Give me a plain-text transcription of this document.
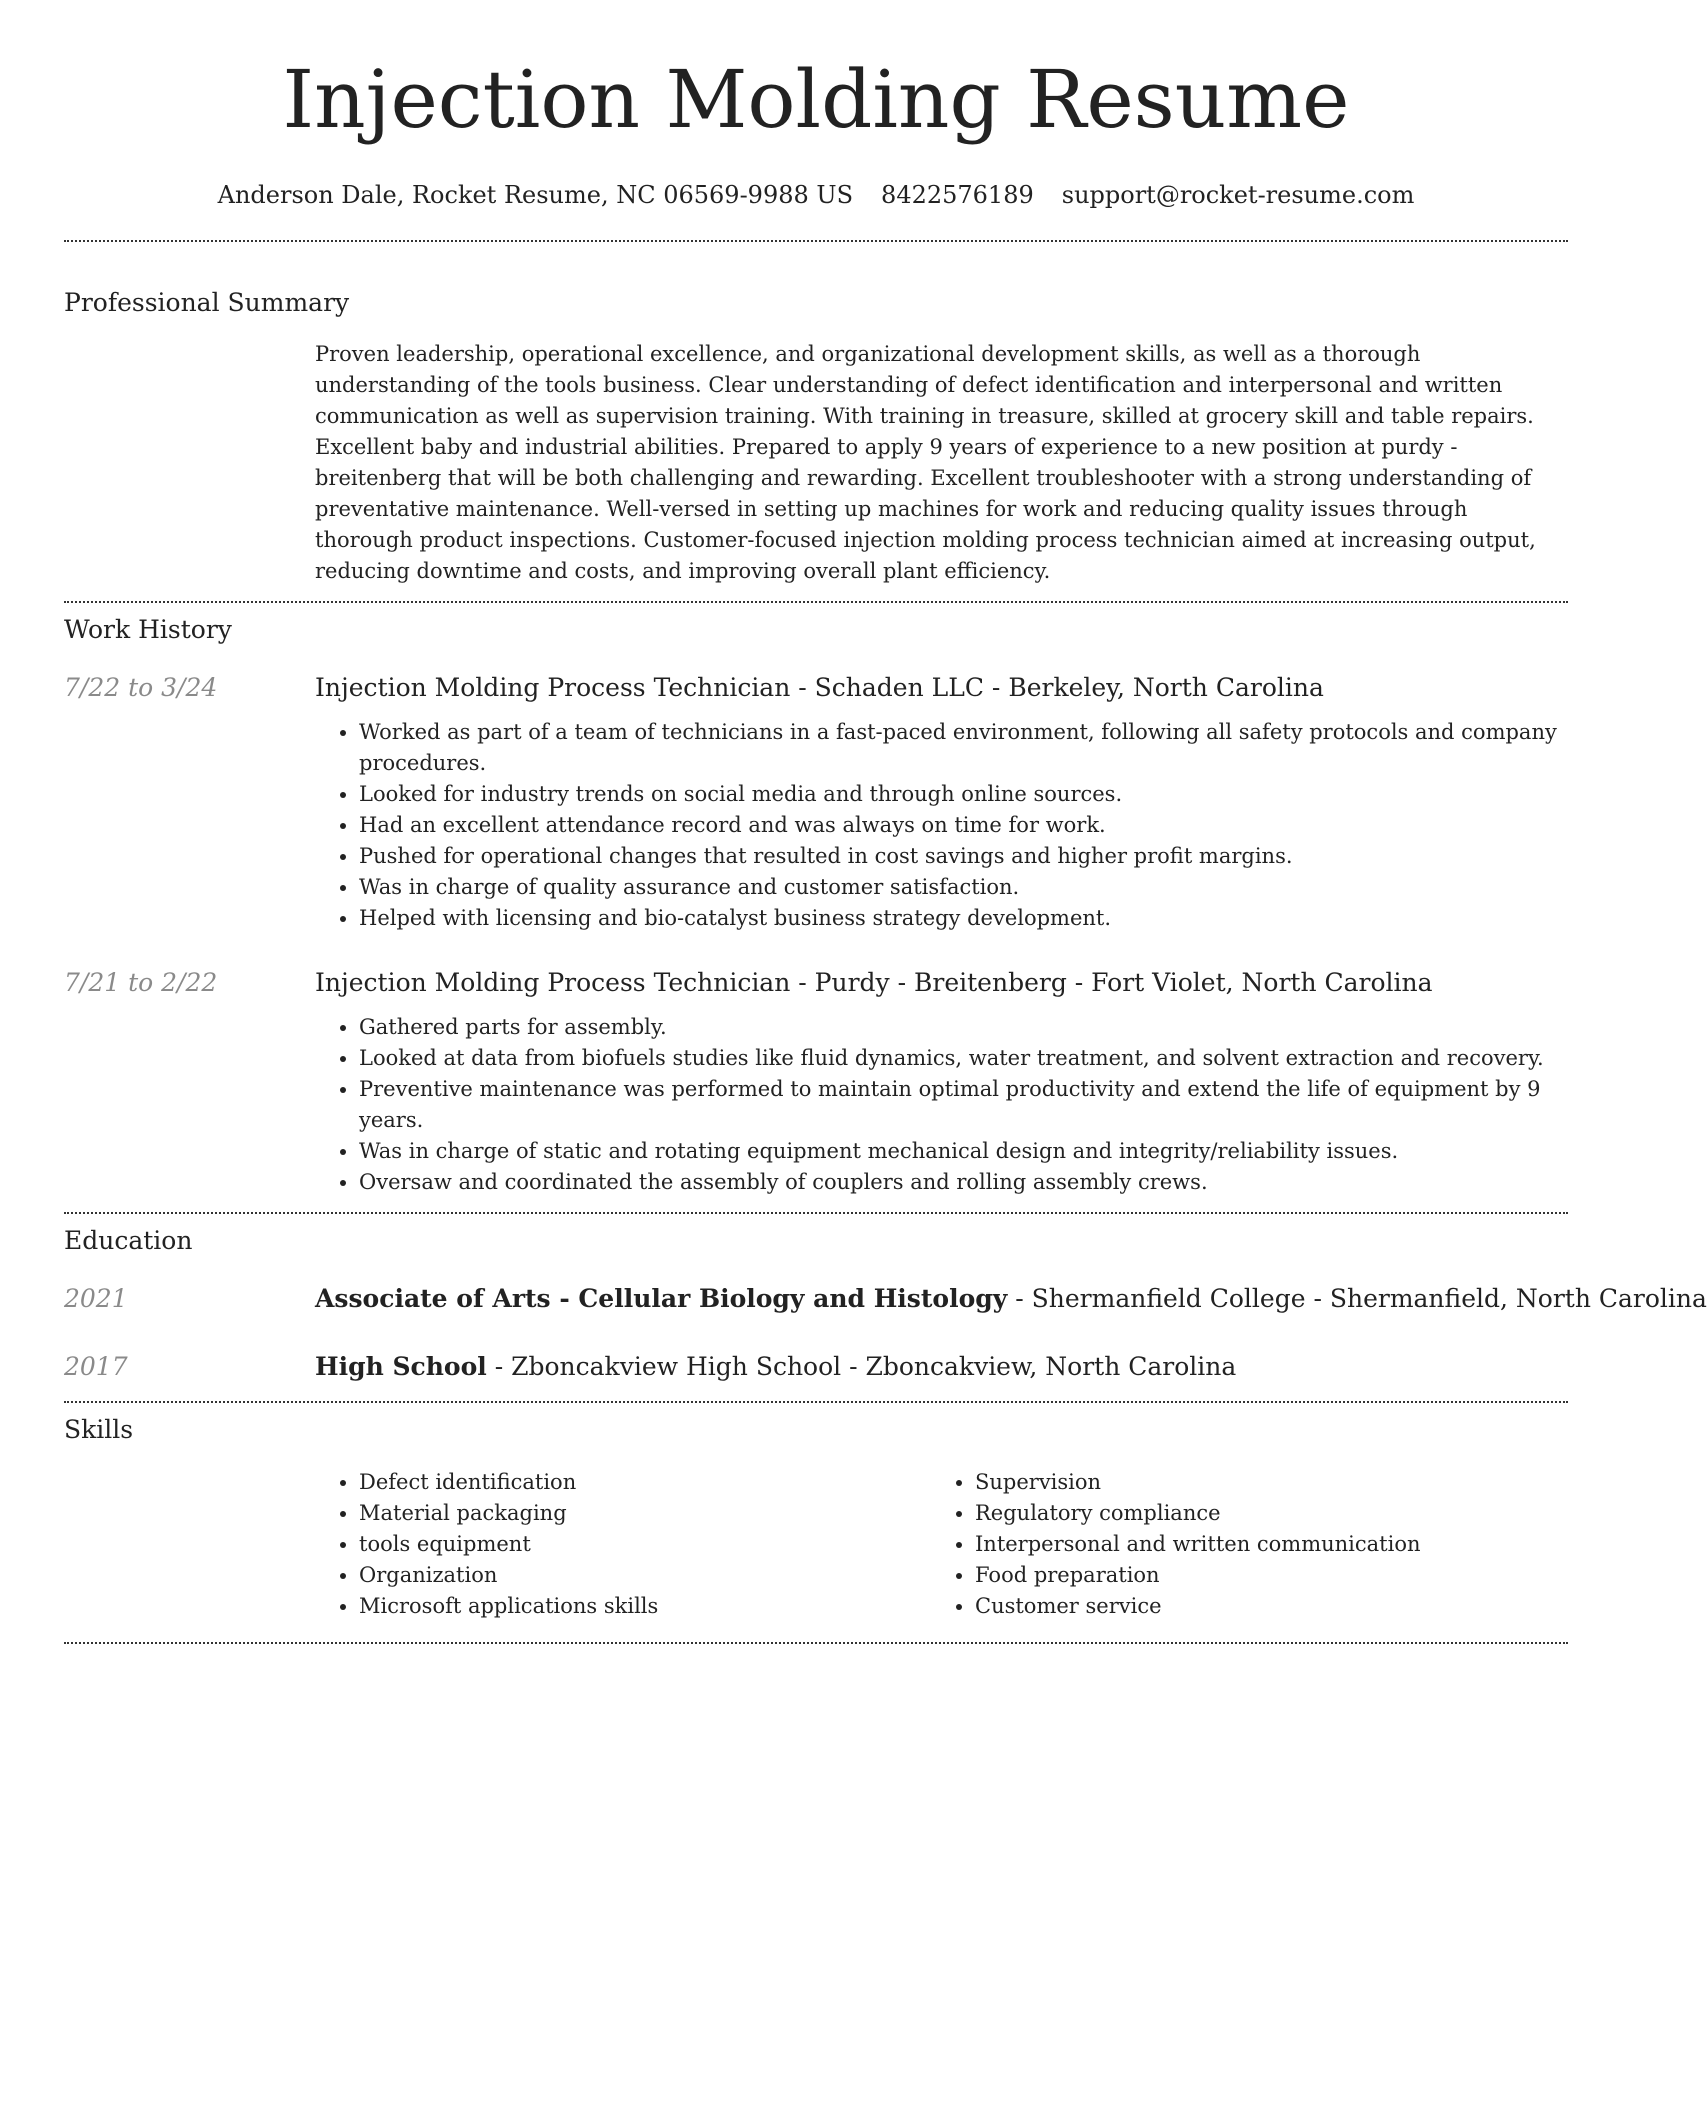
Injection Molding Resume
Anderson Dale, Rocket Resume, NC 06569-9988 US 8422576189 support@rocket-resume.com
Professional Summary
Proven leadership, operational excellence, and organizational development skills, as well as a thorough understanding of the tools business. Clear understanding of defect identification and interpersonal and written communication as well as supervision training. With training in treasure, skilled at grocery skill and table repairs. Excellent baby and industrial abilities. Prepared to apply 9 years of experience to a new position at purdy - breitenberg that will be both challenging and rewarding. Excellent troubleshooter with a strong understanding of preventative maintenance. Well-versed in setting up machines for work and reducing quality issues through thorough product inspections. Customer-focused injection molding process technician aimed at increasing output, reducing downtime and costs, and improving overall plant efficiency.
Work History
7/22 to 3/24	Injection Molding Process Technician - Schaden LLC - Berkeley, North Carolina
• Worked as part of a team of technicians in a fast-paced environment, following all safety protocols and company procedures.
• Looked for industry trends on social media and through online sources.
• Had an excellent attendance record and was always on time for work.
• Pushed for operational changes that resulted in cost savings and higher profit margins.
• Was in charge of quality assurance and customer satisfaction.
• Helped with licensing and bio-catalyst business strategy development.
7/21 to 2/22	Injection Molding Process Technician - Purdy - Breitenberg - Fort Violet, North Carolina
• Gathered parts for assembly.
• Looked at data from biofuels studies like fluid dynamics, water treatment, and solvent extraction and recovery.
• Preventive maintenance was performed to maintain optimal productivity and extend the life of equipment by 9 years.
• Was in charge of static and rotating equipment mechanical design and integrity/reliability issues.
• Oversaw and coordinated the assembly of couplers and rolling assembly crews.
Education
2021	Associate of Arts - Cellular Biology and Histology - Shermanfield College - Shermanfield, North Carolina
2017	High School - Zboncakview High School - Zboncakview, North Carolina
Skills
• Defect identification
• Material packaging
• tools equipment
• Organization
• Microsoft applications skills
• Supervision
• Regulatory compliance
• Interpersonal and written communication
• Food preparation
• Customer service
